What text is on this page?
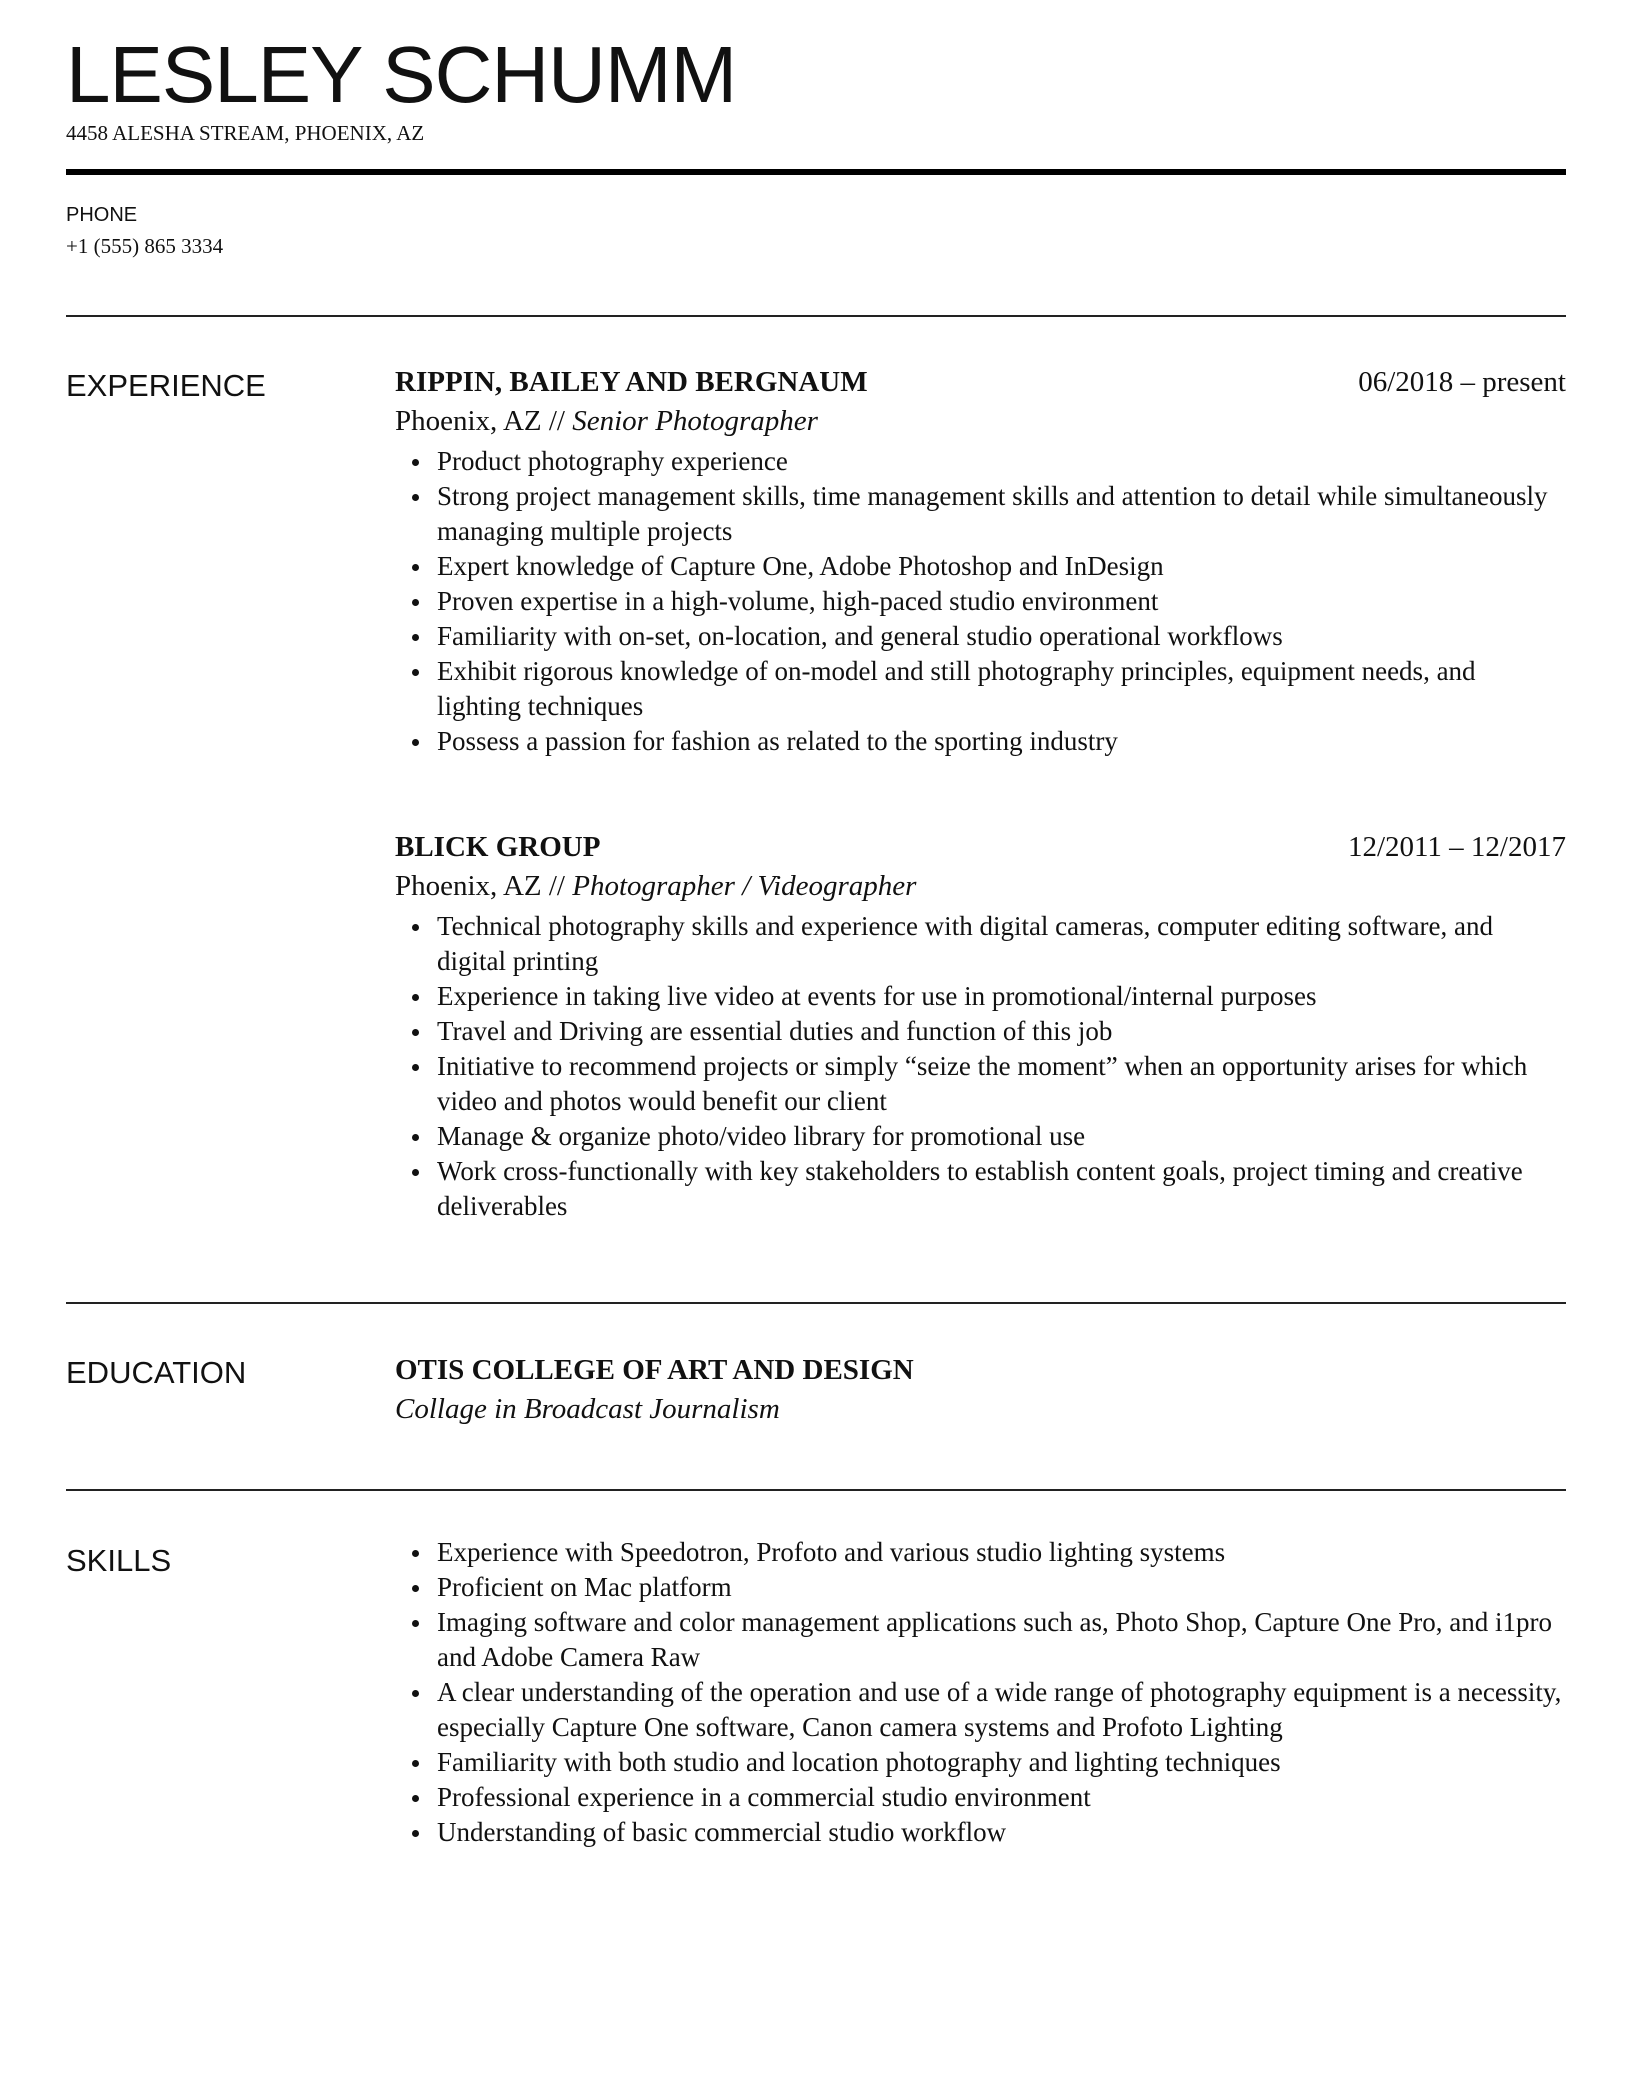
LESLEY SCHUMM
4458 ALESHA STREAM, PHOENIX, AZ
PHONE
+1 (555) 865 3334
EXPERIENCE	RIPPIN, BAILEY AND BERGNAUM	06/2018 – present
Phoenix, AZ // Senior Photographer
Product photography experience
Strong project management skills, time management skills and attention to detail while simultaneously managing multiple projects
Expert knowledge of Capture One, Adobe Photoshop and InDesign
Proven expertise in a high-volume, high-paced studio environment
Familiarity with on-set, on-location, and general studio operational workflows
Exhibit rigorous knowledge of on-model and still photography principles, equipment needs, and lighting techniques
Possess a passion for fashion as related to the sporting industry
BLICK GROUP	12/2011 – 12/2017
Phoenix, AZ // Photographer / Videographer
Technical photography skills and experience with digital cameras, computer editing software, and digital printing
Experience in taking live video at events for use in promotional/internal purposes
Travel and Driving are essential duties and function of this job
Initiative to recommend projects or simply “seize the moment” when an opportunity arises for which video and photos would benefit our client
Manage & organize photo/video library for promotional use
Work cross-functionally with key stakeholders to establish content goals, project timing and creative deliverables
EDUCATION	OTIS COLLEGE OF ART AND DESIGN
Collage in Broadcast Journalism
SKILLS	Experience with Speedotron, Profoto and various studio lighting systems
Proficient on Mac platform
Imaging software and color management applications such as, Photo Shop, Capture One Pro, and i1pro and Adobe Camera Raw
A clear understanding of the operation and use of a wide range of photography equipment is a necessity, especially Capture One software, Canon camera systems and Profoto Lighting
Familiarity with both studio and location photography and lighting techniques
Professional experience in a commercial studio environment
Understanding of basic commercial studio workflow
